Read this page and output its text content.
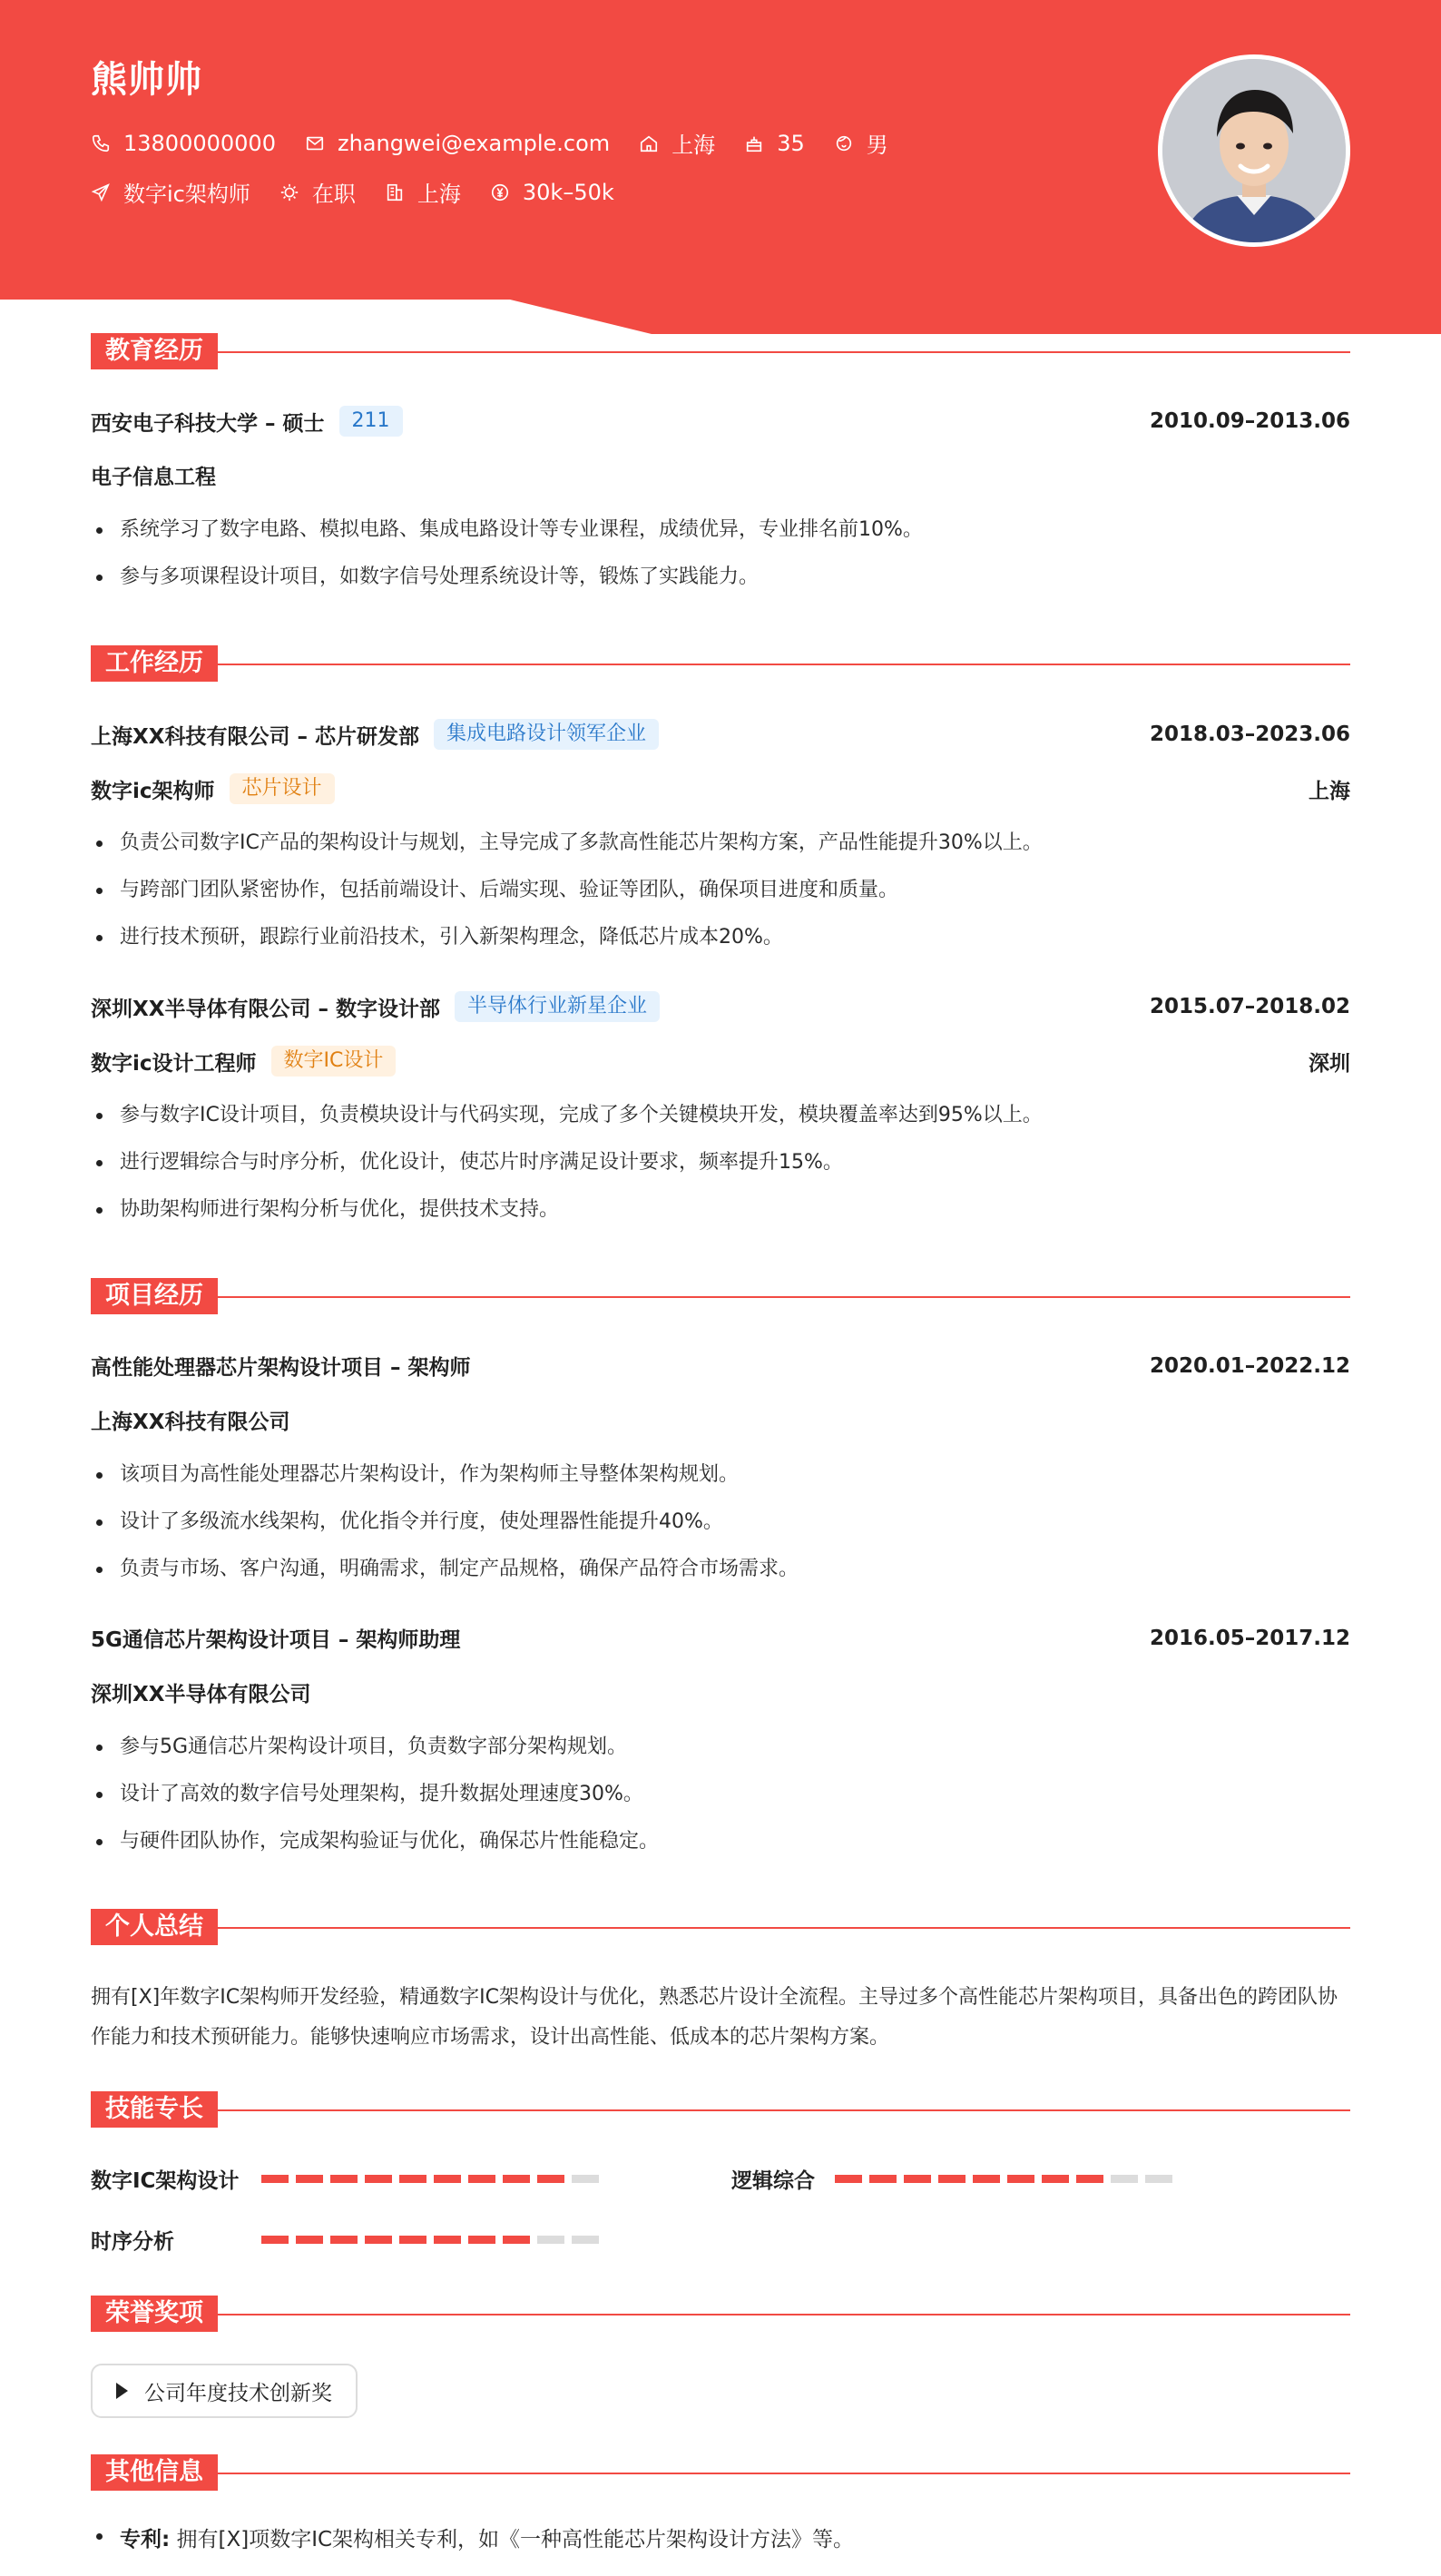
熊帅帅
13800000000	zhangwei@example.com	上海	35	男
数字ic架构师	在职	上海	30k–50k
教育经历
西安电子科技大学 – 硕士	211	2010.09–2013.06
电子信息工程
系统学习了数字电路、模拟电路、集成电路设计等专业课程，成绩优异，专业排名前10%。
参与多项课程设计项目，如数字信号处理系统设计等，锻炼了实践能力。
工作经历
上海XX科技有限公司 – 芯片研发部	集成电路设计领军企业	2018.03–2023.06
数字ic架构师	芯片设计	上海
负责公司数字IC产品的架构设计与规划，主导完成了多款高性能芯片架构方案，产品性能提升30%以上。
与跨部门团队紧密协作，包括前端设计、后端实现、验证等团队，确保项目进度和质量。
进行技术预研，跟踪行业前沿技术，引入新架构理念，降低芯片成本20%。
深圳XX半导体有限公司 – 数字设计部	半导体行业新星企业	2015.07–2018.02
数字ic设计工程师	数字IC设计	深圳
参与数字IC设计项目，负责模块设计与代码实现，完成了多个关键模块开发，模块覆盖率达到95%以上。
进行逻辑综合与时序分析，优化设计，使芯片时序满足设计要求，频率提升15%。
协助架构师进行架构分析与优化，提供技术支持。
项目经历
高性能处理器芯片架构设计项目 – 架构师	2020.01–2022.12
上海XX科技有限公司
该项目为高性能处理器芯片架构设计，作为架构师主导整体架构规划。
设计了多级流水线架构，优化指令并行度，使处理器性能提升40%。
负责与市场、客户沟通，明确需求，制定产品规格，确保产品符合市场需求。
5G通信芯片架构设计项目 – 架构师助理	2016.05–2017.12
深圳XX半导体有限公司
参与5G通信芯片架构设计项目，负责数字部分架构规划。
设计了高效的数字信号处理架构，提升数据处理速度30%。
与硬件团队协作，完成架构验证与优化，确保芯片性能稳定。
个人总结
拥有[X]年数字IC架构师开发经验，精通数字IC架构设计与优化，熟悉芯片设计全流程。主导过多个高性能芯片架构项目，具备出色的跨团队协作能力和技术预研能力。能够快速响应市场需求，设计出高性能、低成本的芯片架构方案。
技能专长
数字IC架构设计	逻辑综合
时序分析
荣誉奖项
公司年度技术创新奖
其他信息
专利: 拥有[X]项数字IC架构相关专利，如《一种高性能芯片架构设计方法》等。
